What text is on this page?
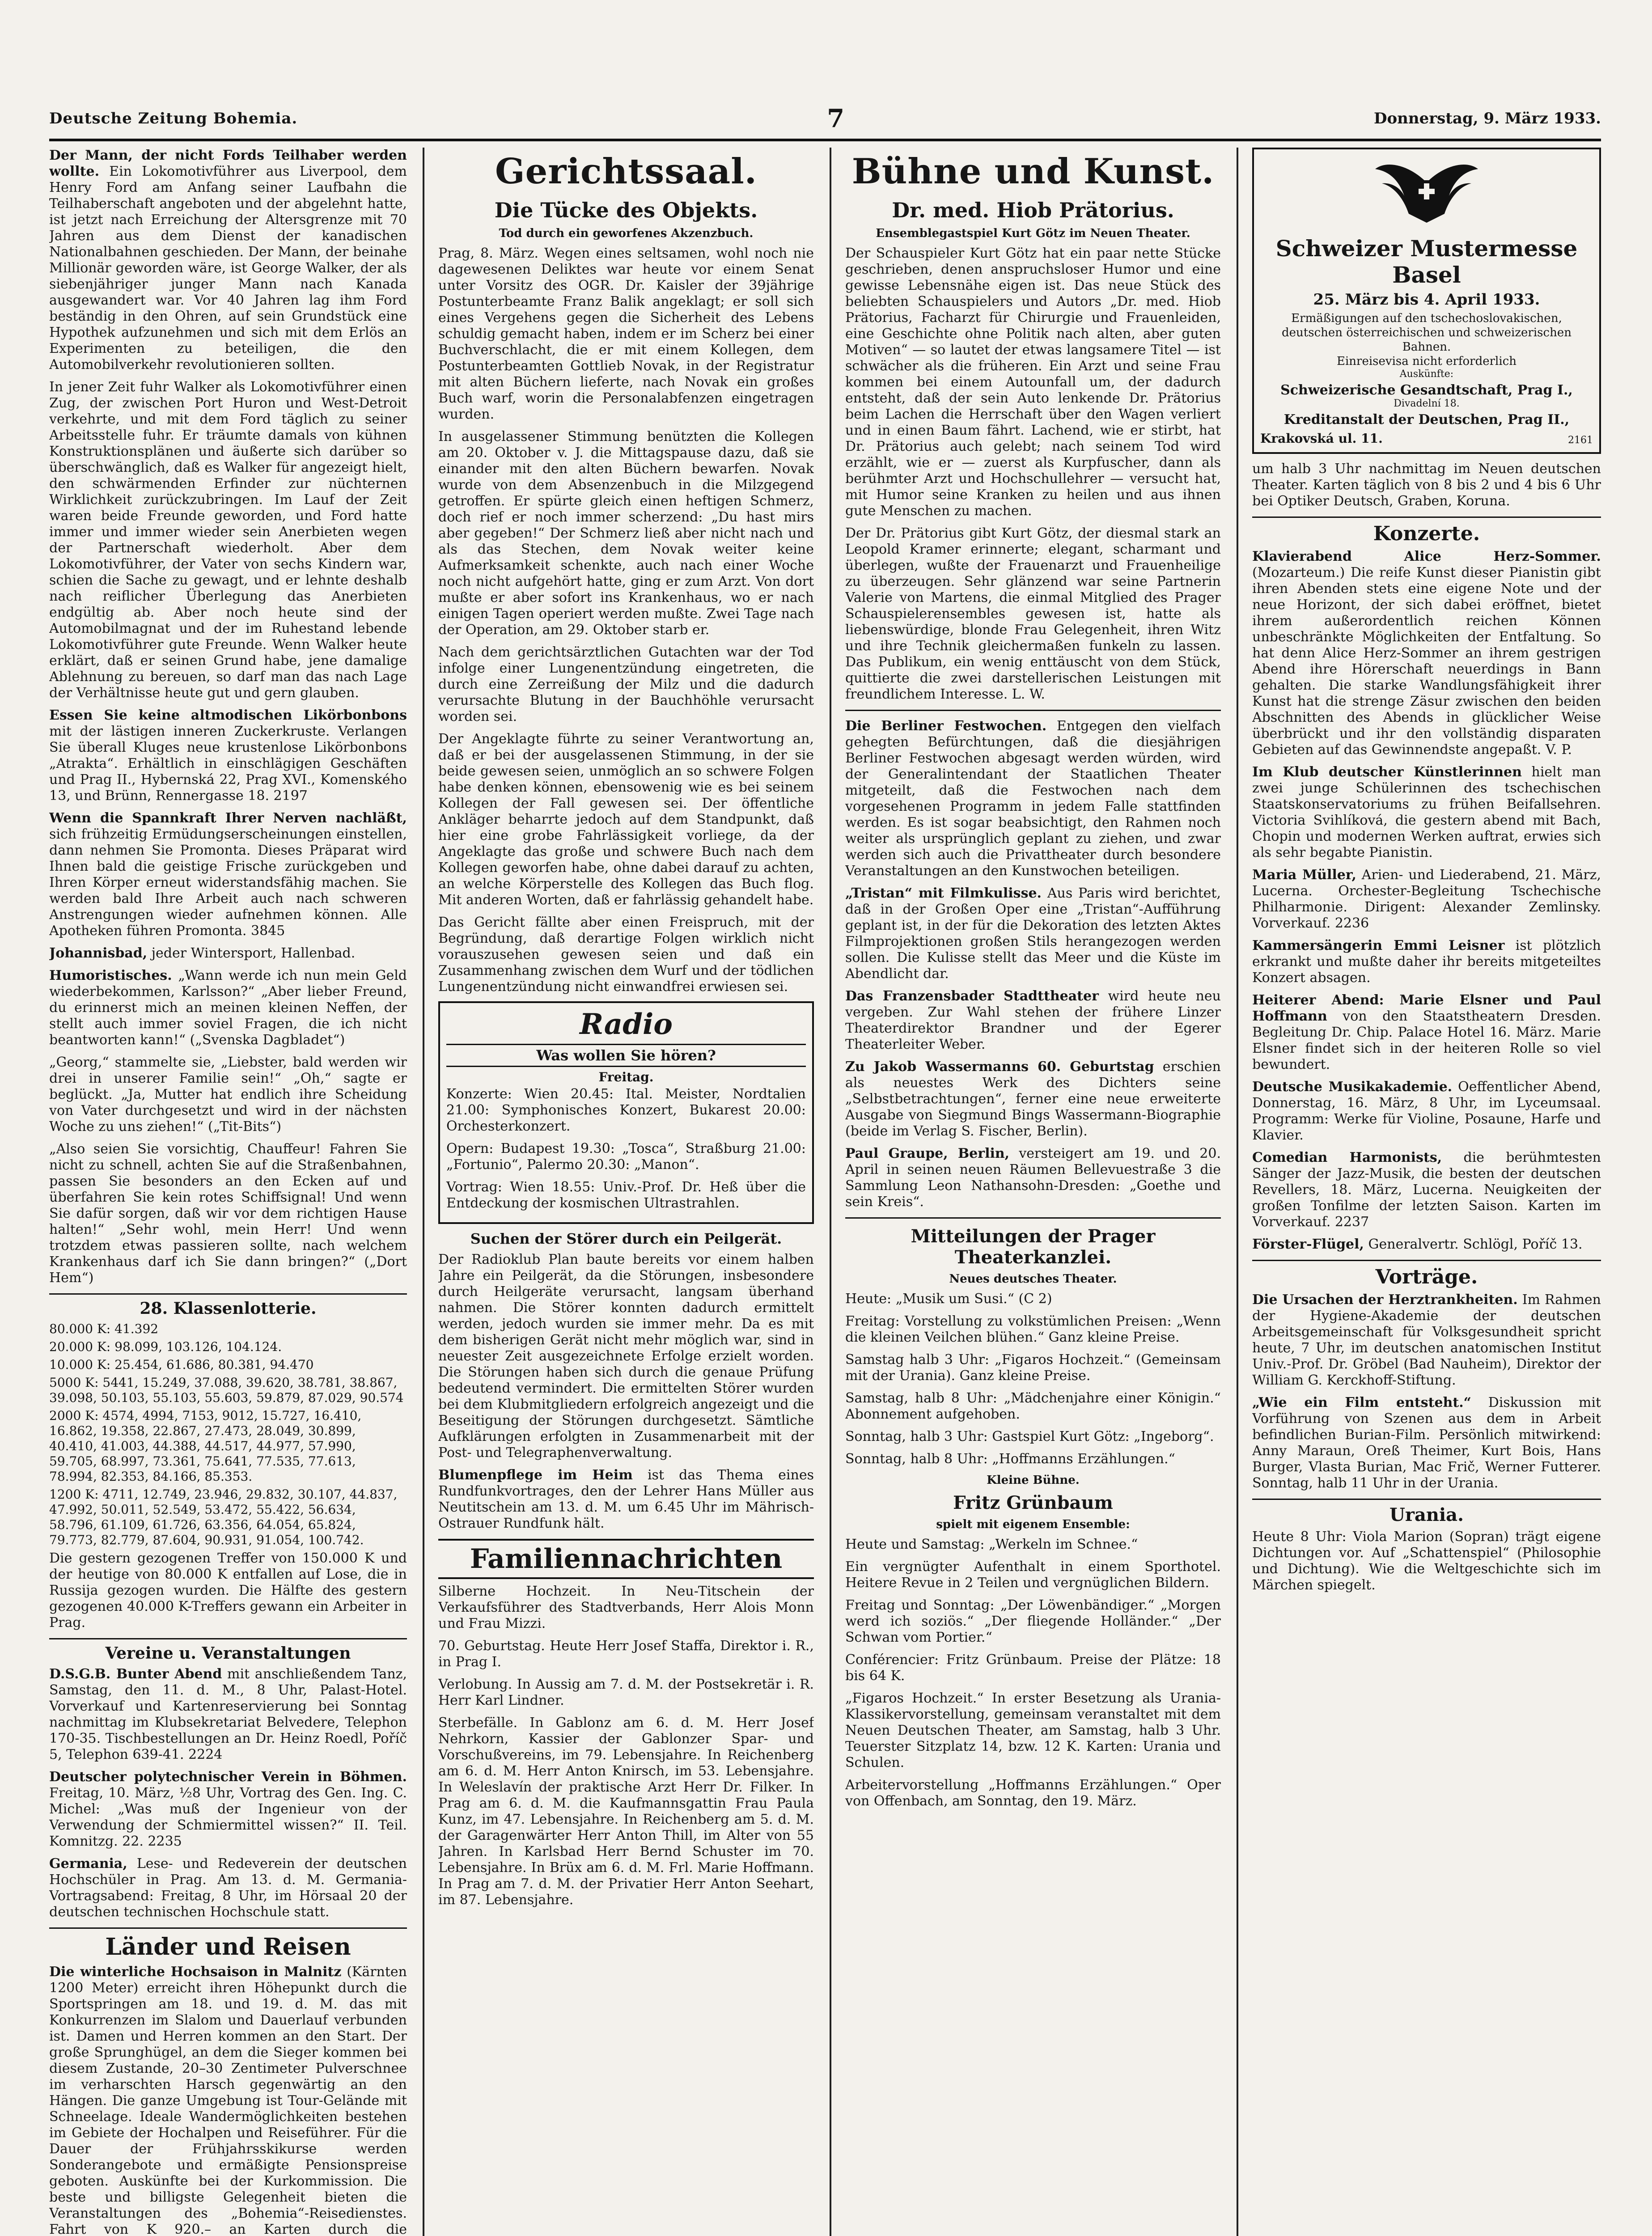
Deutsche Zeitung Bohemia.	7	Donnerstag, 9. März 1933.

Der Mann, der nicht Fords Teilhaber werden wollte. Ein Lokomotivführer aus Liverpool, dem Henry Ford am Anfang seiner Laufbahn die Teilhaberschaft angeboten und der abgelehnt hatte, ist jetzt nach Erreichung der Altersgrenze mit 70 Jahren aus dem Dienst der kanadischen Nationalbahnen geschieden. Der Mann, der beinahe Millionär geworden wäre, ist George Walker, der als siebenjähriger junger Mann nach Kanada ausgewandert war. Vor 40 Jahren lag ihm Ford beständig in den Ohren, auf sein Grundstück eine Hypothek aufzunehmen und sich mit dem Erlös an Experimenten zu beteiligen, die den Automobilverkehr revolutionieren sollten.

In jener Zeit fuhr Walker als Lokomotivführer einen Zug, der zwischen Port Huron und West-Detroit verkehrte, und mit dem Ford täglich zu seiner Arbeitsstelle fuhr. Er träumte damals von kühnen Konstruktionsplänen und äußerte sich darüber so überschwänglich, daß es Walker für angezeigt hielt, den schwärmenden Erfinder zur nüchternen Wirklichkeit zurückzubringen. Im Lauf der Zeit waren beide Freunde geworden, und Ford hatte immer und immer wieder sein Anerbieten wegen der Partnerschaft wiederholt. Aber dem Lokomotivführer, der Vater von sechs Kindern war, schien die Sache zu gewagt, und er lehnte deshalb nach reiflicher Überlegung das Anerbieten endgültig ab. Aber noch heute sind der Automobilmagnat und der im Ruhestand lebende Lokomotivführer gute Freunde. Wenn Walker heute erklärt, daß er seinen Grund habe, jene damalige Ablehnung zu bereuen, so darf man das nach Lage der Verhältnisse heute gut und gern glauben.

Essen Sie keine altmodischen Likörbonbons mit der lästigen inneren Zuckerkruste. Verlangen Sie überall Kluges neue krustenlose Likörbonbons „Atrakta“. Erhältlich in einschlägigen Geschäften und Prag II., Hybernská 22, Prag XVI., Komenského 13, und Brünn, Rennergasse 18. 2197

Wenn die Spannkraft Ihrer Nerven nachläßt, sich frühzeitig Ermüdungserscheinungen einstellen, dann nehmen Sie Promonta. Dieses Präparat wird Ihnen bald die geistige Frische zurückgeben und Ihren Körper erneut widerstandsfähig machen. Sie werden bald Ihre Arbeit auch nach schweren Anstrengungen wieder aufnehmen können. Alle Apotheken führen Promonta. 3845

Johannisbad, jeder Wintersport, Hallenbad.

Humoristisches. „Wann werde ich nun mein Geld wiederbekommen, Karlsson?“ „Aber lieber Freund, du erinnerst mich an meinen kleinen Neffen, der stellt auch immer soviel Fragen, die ich nicht beantworten kann!“ („Svenska Dagbladet“)

„Georg,“ stammelte sie, „Liebster, bald werden wir drei in unserer Familie sein!“ „Oh,“ sagte er beglückt. „Ja, Mutter hat endlich ihre Scheidung von Vater durchgesetzt und wird in der nächsten Woche zu uns ziehen!“ („Tit-Bits“)

„Also seien Sie vorsichtig, Chauffeur! Fahren Sie nicht zu schnell, achten Sie auf die Straßenbahnen, passen Sie besonders an den Ecken auf und überfahren Sie kein rotes Schiffsignal! Und wenn Sie dafür sorgen, daß wir vor dem richtigen Hause halten!“ „Sehr wohl, mein Herr! Und wenn trotzdem etwas passieren sollte, nach welchem Krankenhaus darf ich Sie dann bringen?“ („Dort Hem“)

28. Klassenlotterie.

80.000 K: 41.392

20.000 K: 98.099, 103.126, 104.124.

10.000 K: 25.454, 61.686, 80.381, 94.470

5000 K: 5441, 15.249, 37.088, 39.620, 38.781, 38.867, 39.098, 50.103, 55.103, 55.603, 59.879, 87.029, 90.574

2000 K: 4574, 4994, 7153, 9012, 15.727, 16.410, 16.862, 19.358, 22.867, 27.473, 28.049, 30.899, 40.410, 41.003, 44.388, 44.517, 44.977, 57.990, 59.705, 68.997, 73.361, 75.641, 77.535, 77.613, 78.994, 82.353, 84.166, 85.353.

1200 K: 4711, 12.749, 23.946, 29.832, 30.107, 44.837, 47.992, 50.011, 52.549, 53.472, 55.422, 56.634, 58.796, 61.109, 61.726, 63.356, 64.054, 65.824, 79.773, 82.779, 87.604, 90.931, 91.054, 100.742.

Die gestern gezogenen Treffer von 150.000 K und der heutige von 80.000 K entfallen auf Lose, die in Russija gezogen wurden. Die Hälfte des gestern gezogenen 40.000 K-Treffers gewann ein Arbeiter in Prag.

Vereine u. Veranstaltungen

D.S.G.B. Bunter Abend mit anschließendem Tanz, Samstag, den 11. d. M., 8 Uhr, Palast-Hotel. Vorverkauf und Kartenreservierung bei Sonntag nachmittag im Klubsekretariat Belvedere, Telephon 170-35. Tischbestellungen an Dr. Heinz Roedl, Poříč 5, Telephon 639-41. 2224

Deutscher polytechnischer Verein in Böhmen. Freitag, 10. März, ½8 Uhr, Vortrag des Gen. Ing. C. Michel: „Was muß der Ingenieur von der Verwendung der Schmiermittel wissen?“ II. Teil. Komnitzg. 22. 2235

Germania, Lese- und Redeverein der deutschen Hochschüler in Prag. Am 13. d. M. Germania-Vortragsabend: Freitag, 8 Uhr, im Hörsaal 20 der deutschen technischen Hochschule statt.

Länder und Reisen

Die winterliche Hochsaison in Malnitz (Kärnten 1200 Meter) erreicht ihren Höhepunkt durch die Sportspringen am 18. und 19. d. M. das mit Konkurrenzen im Slalom und Dauerlauf verbunden ist. Damen und Herren kommen an den Start. Der große Sprunghügel, an dem die Sieger kommen bei diesem Zustande, 20–30 Zentimeter Pulverschnee im verharschten Harsch gegenwärtig an den Hängen. Die ganze Umgebung ist Tour-Gelände mit Schneelage. Ideale Wandermöglichkeiten bestehen im Gebiete der Hochalpen und Reiseführer. Für die Dauer der Frühjahrsskikurse werden Sonderangebote und ermäßigte Pensionspreise geboten. Auskünfte bei der Kurkommission. Die beste und billigste Gelegenheit bieten die Veranstaltungen des „Bohemia“-Reisedienstes. Fahrt von K 920.– an Karten durch die

Gerichtssaal.
Die Tücke des Objekts.
Tod durch ein geworfenes Akzenzbuch.

Prag, 8. März. Wegen eines seltsamen, wohl noch nie dagewesenen Deliktes war heute vor einem Senat unter Vorsitz des OGR. Dr. Kaisler der 39jährige Postunterbeamte Franz Balik angeklagt; er soll sich eines Vergehens gegen die Sicherheit des Lebens schuldig gemacht haben, indem er im Scherz bei einer Buchverschlacht, die er mit einem Kollegen, dem Postunterbeamten Gottlieb Novak, in der Registratur mit alten Büchern lieferte, nach Novak ein großes Buch warf, worin die Personalabfenzen eingetragen wurden.

In ausgelassener Stimmung benützten die Kollegen am 20. Oktober v. J. die Mittagspause dazu, daß sie einander mit den alten Büchern bewarfen. Novak wurde von dem Absenzenbuch in die Milzgegend getroffen. Er spürte gleich einen heftigen Schmerz, doch rief er noch immer scherzend: „Du hast mirs aber gegeben!“ Der Schmerz ließ aber nicht nach und als das Stechen, dem Novak weiter keine Aufmerksamkeit schenkte, auch nach einer Woche noch nicht aufgehört hatte, ging er zum Arzt. Von dort mußte er aber sofort ins Krankenhaus, wo er nach einigen Tagen operiert werden mußte. Zwei Tage nach der Operation, am 29. Oktober starb er.

Nach dem gerichtsärztlichen Gutachten war der Tod infolge einer Lungenentzündung eingetreten, die durch eine Zerreißung der Milz und die dadurch verursachte Blutung in der Bauchhöhle verursacht worden sei.

Der Angeklagte führte zu seiner Verantwortung an, daß er bei der ausgelassenen Stimmung, in der sie beide gewesen seien, unmöglich an so schwere Folgen habe denken können, ebensowenig wie es bei seinem Kollegen der Fall gewesen sei. Der öffentliche Ankläger beharrte jedoch auf dem Standpunkt, daß hier eine grobe Fahrlässigkeit vorliege, da der Angeklagte das große und schwere Buch nach dem Kollegen geworfen habe, ohne dabei darauf zu achten, an welche Körperstelle des Kollegen das Buch flog. Mit anderen Worten, daß er fahrlässig gehandelt habe.

Das Gericht fällte aber einen Freispruch, mit der Begründung, daß derartige Folgen wirklich nicht vorauszusehen gewesen seien und daß ein Zusammenhang zwischen dem Wurf und der tödlichen Lungenentzündung nicht einwandfrei erwiesen sei.

Radio
Was wollen Sie hören?
Freitag.

Konzerte: Wien 20.45: Ital. Meister, Nordtalien 21.00: Symphonisches Konzert, Bukarest 20.00: Orchesterkonzert.

Opern: Budapest 19.30: „Tosca“, Straßburg 21.00: „Fortunio“, Palermo 20.30: „Manon“.

Vortrag: Wien 18.55: Univ.-Prof. Dr. Heß über die Entdeckung der kosmischen Ultrastrahlen.

Suchen der Störer durch ein Peilgerät.

Der Radioklub Plan baute bereits vor einem halben Jahre ein Peilgerät, da die Störungen, insbesondere durch Heilgeräte verursacht, langsam überhand nahmen. Die Störer konnten dadurch ermittelt werden, jedoch wurden sie immer mehr. Da es mit dem bisherigen Gerät nicht mehr möglich war, sind in neuester Zeit ausgezeichnete Erfolge erzielt worden. Die Störungen haben sich durch die genaue Prüfung bedeutend vermindert. Die ermittelten Störer wurden bei dem Klubmitgliedern erfolgreich angezeigt und die Beseitigung der Störungen durchgesetzt. Sämtliche Aufklärungen erfolgten in Zusammenarbeit mit der Post- und Telegraphenverwaltung.

Blumenpflege im Heim ist das Thema eines Rundfunkvortrages, den der Lehrer Hans Müller aus Neutitschein am 13. d. M. um 6.45 Uhr im Mährisch-Ostrauer Rundfunk hält.

Familiennachrichten

Silberne Hochzeit. In Neu-Titschein der Verkaufsführer des Stadtverbands, Herr Alois Monn und Frau Mizzi.

70. Geburtstag. Heute Herr Josef Staffa, Direktor i. R., in Prag I.

Verlobung. In Aussig am 7. d. M. der Postsekretär i. R. Herr Karl Lindner.

Sterbefälle. In Gablonz am 6. d. M. Herr Josef Nehrkorn, Kassier der Gablonzer Spar- und Vorschußvereins, im 79. Lebensjahre. In Reichenberg am 6. d. M. Herr Anton Knirsch, im 53. Lebensjahre. In Weleslavín der praktische Arzt Herr Dr. Filker. In Prag am 6. d. M. die Kaufmannsgattin Frau Paula Kunz, im 47. Lebensjahre. In Reichenberg am 5. d. M. der Garagenwärter Herr Anton Thill, im Alter von 55 Jahren. In Karlsbad Herr Bernd Schuster im 70. Lebensjahre. In Brüx am 6. d. M. Frl. Marie Hoffmann. In Prag am 7. d. M. der Privatier Herr Anton Seehart, im 87. Lebensjahre.

Bühne und Kunst.
Dr. med. Hiob Prätorius.
Ensemblegastspiel Kurt Götz im Neuen Theater.

Der Schauspieler Kurt Götz hat ein paar nette Stücke geschrieben, denen anspruchsloser Humor und eine gewisse Lebensnähe eigen ist. Das neue Stück des beliebten Schauspielers und Autors „Dr. med. Hiob Prätorius, Facharzt für Chirurgie und Frauenleiden, eine Geschichte ohne Politik nach alten, aber guten Motiven“ — so lautet der etwas langsamere Titel — ist schwächer als die früheren. Ein Arzt und seine Frau kommen bei einem Autounfall um, der dadurch entsteht, daß der sein Auto lenkende Dr. Prätorius beim Lachen die Herrschaft über den Wagen verliert und in einen Baum fährt. Lachend, wie er stirbt, hat Dr. Prätorius auch gelebt; nach seinem Tod wird erzählt, wie er — zuerst als Kurpfuscher, dann als berühmter Arzt und Hochschullehrer — versucht hat, mit Humor seine Kranken zu heilen und aus ihnen gute Menschen zu machen.

Der Dr. Prätorius gibt Kurt Götz, der diesmal stark an Leopold Kramer erinnerte; elegant, scharmant und überlegen, wußte der Frauenarzt und Frauenheilige zu überzeugen. Sehr glänzend war seine Partnerin Valerie von Martens, die einmal Mitglied des Prager Schauspielerensembles gewesen ist, hatte als liebenswürdige, blonde Frau Gelegenheit, ihren Witz und ihre Technik gleichermaßen funkeln zu lassen. Das Publikum, ein wenig enttäuscht von dem Stück, quittierte die zwei darstellerischen Leistungen mit freundlichem Interesse. L. W.

Die Berliner Festwochen. Entgegen den vielfach gehegten Befürchtungen, daß die diesjährigen Berliner Festwochen abgesagt werden würden, wird der Generalintendant der Staatlichen Theater mitgeteilt, daß die Festwochen nach dem vorgesehenen Programm in jedem Falle stattfinden werden. Es ist sogar beabsichtigt, den Rahmen noch weiter als ursprünglich geplant zu ziehen, und zwar werden sich auch die Privattheater durch besondere Veranstaltungen an den Kunstwochen beteiligen.

„Tristan“ mit Filmkulisse. Aus Paris wird berichtet, daß in der Großen Oper eine „Tristan“-Aufführung geplant ist, in der für die Dekoration des letzten Aktes Filmprojektionen großen Stils herangezogen werden sollen. Die Kulisse stellt das Meer und die Küste im Abendlicht dar.

Das Franzensbader Stadttheater wird heute neu vergeben. Zur Wahl stehen der frühere Linzer Theaterdirektor Brandner und der Egerer Theaterleiter Weber.

Zu Jakob Wassermanns 60. Geburtstag erschien als neuestes Werk des Dichters seine „Selbstbetrachtungen“, ferner eine neue erweiterte Ausgabe von Siegmund Bings Wassermann-Biographie (beide im Verlag S. Fischer, Berlin).

Paul Graupe, Berlin, versteigert am 19. und 20. April in seinen neuen Räumen Bellevuestraße 3 die Sammlung Leon Nathansohn-Dresden: „Goethe und sein Kreis“.

Mitteilungen der Prager Theaterkanzlei.
Neues deutsches Theater.

Heute: „Musik um Susi.“ (C 2)

Freitag: Vorstellung zu volkstümlichen Preisen: „Wenn die kleinen Veilchen blühen.“ Ganz kleine Preise.

Samstag halb 3 Uhr: „Figaros Hochzeit.“ (Gemeinsam mit der Urania). Ganz kleine Preise.

Samstag, halb 8 Uhr: „Mädchenjahre einer Königin.“ Abonnement aufgehoben.

Sonntag, halb 3 Uhr: Gastspiel Kurt Götz: „Ingeborg“.

Sonntag, halb 8 Uhr: „Hoffmanns Erzählungen.“

Kleine Bühne.
Fritz Grünbaum
spielt mit eigenem Ensemble:

Heute und Samstag: „Werkeln im Schnee.“

Ein vergnügter Aufenthalt in einem Sporthotel. Heitere Revue in 2 Teilen und vergnüglichen Bildern.

Freitag und Sonntag: „Der Löwenbändiger.“ „Morgen werd ich soziös.“ „Der fliegende Holländer.“ „Der Schwan vom Portier.“

Conférencier: Fritz Grünbaum. Preise der Plätze: 18 bis 64 K.

„Figaros Hochzeit.“ In erster Besetzung als Urania-Klassikervorstellung, gemeinsam veranstaltet mit dem Neuen Deutschen Theater, am Samstag, halb 3 Uhr. Teuerster Sitzplatz 14, bzw. 12 K. Karten: Urania und Schulen.

Arbeitervorstellung „Hoffmanns Erzählungen.“ Oper von Offenbach, am Sonntag, den 19. März.

Schweizer Mustermesse Basel
25. März bis 4. April 1933.
Ermäßigungen auf den tschechoslovakischen, deutschen österreichischen und schweizerischen Bahnen.
Einreisevisa nicht erforderlich
Auskünfte:
Schweizerische Gesandtschaft, Prag I.,
Divadelní 18.
Kreditanstalt der Deutschen, Prag II.,
Krakovská ul. 11.	2161

um halb 3 Uhr nachmittag im Neuen deutschen Theater. Karten täglich von 8 bis 2 und 4 bis 6 Uhr bei Optiker Deutsch, Graben, Koruna.

Konzerte.

Klavierabend Alice Herz-Sommer. (Mozarteum.) Die reife Kunst dieser Pianistin gibt ihren Abenden stets eine eigene Note und der neue Horizont, der sich dabei eröffnet, bietet ihrem außerordentlich reichen Können unbeschränkte Möglichkeiten der Entfaltung. So hat denn Alice Herz-Sommer an ihrem gestrigen Abend ihre Hörerschaft neuerdings in Bann gehalten. Die starke Wandlungsfähigkeit ihrer Kunst hat die strenge Zäsur zwischen den beiden Abschnitten des Abends in glücklicher Weise überbrückt und ihr den vollständig disparaten Gebieten auf das Gewinnendste angepaßt. V. P.

Im Klub deutscher Künstlerinnen hielt man zwei junge Schülerinnen des tschechischen Staatskonservatoriums zu frühen Beifallsehren. Victoria Svihlíková, die gestern abend mit Bach, Chopin und modernen Werken auftrat, erwies sich als sehr begabte Pianistin.

Maria Müller, Arien- und Liederabend, 21. März, Lucerna. Orchester-Begleitung Tschechische Philharmonie. Dirigent: Alexander Zemlinsky. Vorverkauf. 2236

Kammersängerin Emmi Leisner ist plötzlich erkrankt und mußte daher ihr bereits mitgeteiltes Konzert absagen.

Heiterer Abend: Marie Elsner und Paul Hoffmann von den Staatstheatern Dresden. Begleitung Dr. Chip. Palace Hotel 16. März. Marie Elsner findet sich in der heiteren Rolle so viel bewundert.

Deutsche Musikakademie. Oeffentlicher Abend, Donnerstag, 16. März, 8 Uhr, im Lyceumsaal. Programm: Werke für Violine, Posaune, Harfe und Klavier.

Comedian Harmonists, die berühmtesten Sänger der Jazz-Musik, die besten der deutschen Revellers, 18. März, Lucerna. Neuigkeiten der großen Tonfilme der letzten Saison. Karten im Vorverkauf. 2237

Förster-Flügel, Generalvertr. Schlögl, Poříč 13.

Vorträge.

Die Ursachen der Herztrankheiten. Im Rahmen der Hygiene-Akademie der deutschen Arbeitsgemeinschaft für Volksgesundheit spricht heute, 7 Uhr, im deutschen anatomischen Institut Univ.-Prof. Dr. Gröbel (Bad Nauheim), Direktor der William G. Kerckhoff-Stiftung.

„Wie ein Film entsteht.“ Diskussion mit Vorführung von Szenen aus dem in Arbeit befindlichen Burian-Film. Persönlich mitwirkend: Anny Maraun, Oreß Theimer, Kurt Bois, Hans Burger, Vlasta Burian, Mac Frič, Werner Futterer. Sonntag, halb 11 Uhr in der Urania.

Urania.

Heute 8 Uhr: Viola Marion (Sopran) trägt eigene Dichtungen vor. Auf „Schattenspiel“ (Philosophie und Dichtung). Wie die Weltgeschichte sich im Märchen spiegelt.
